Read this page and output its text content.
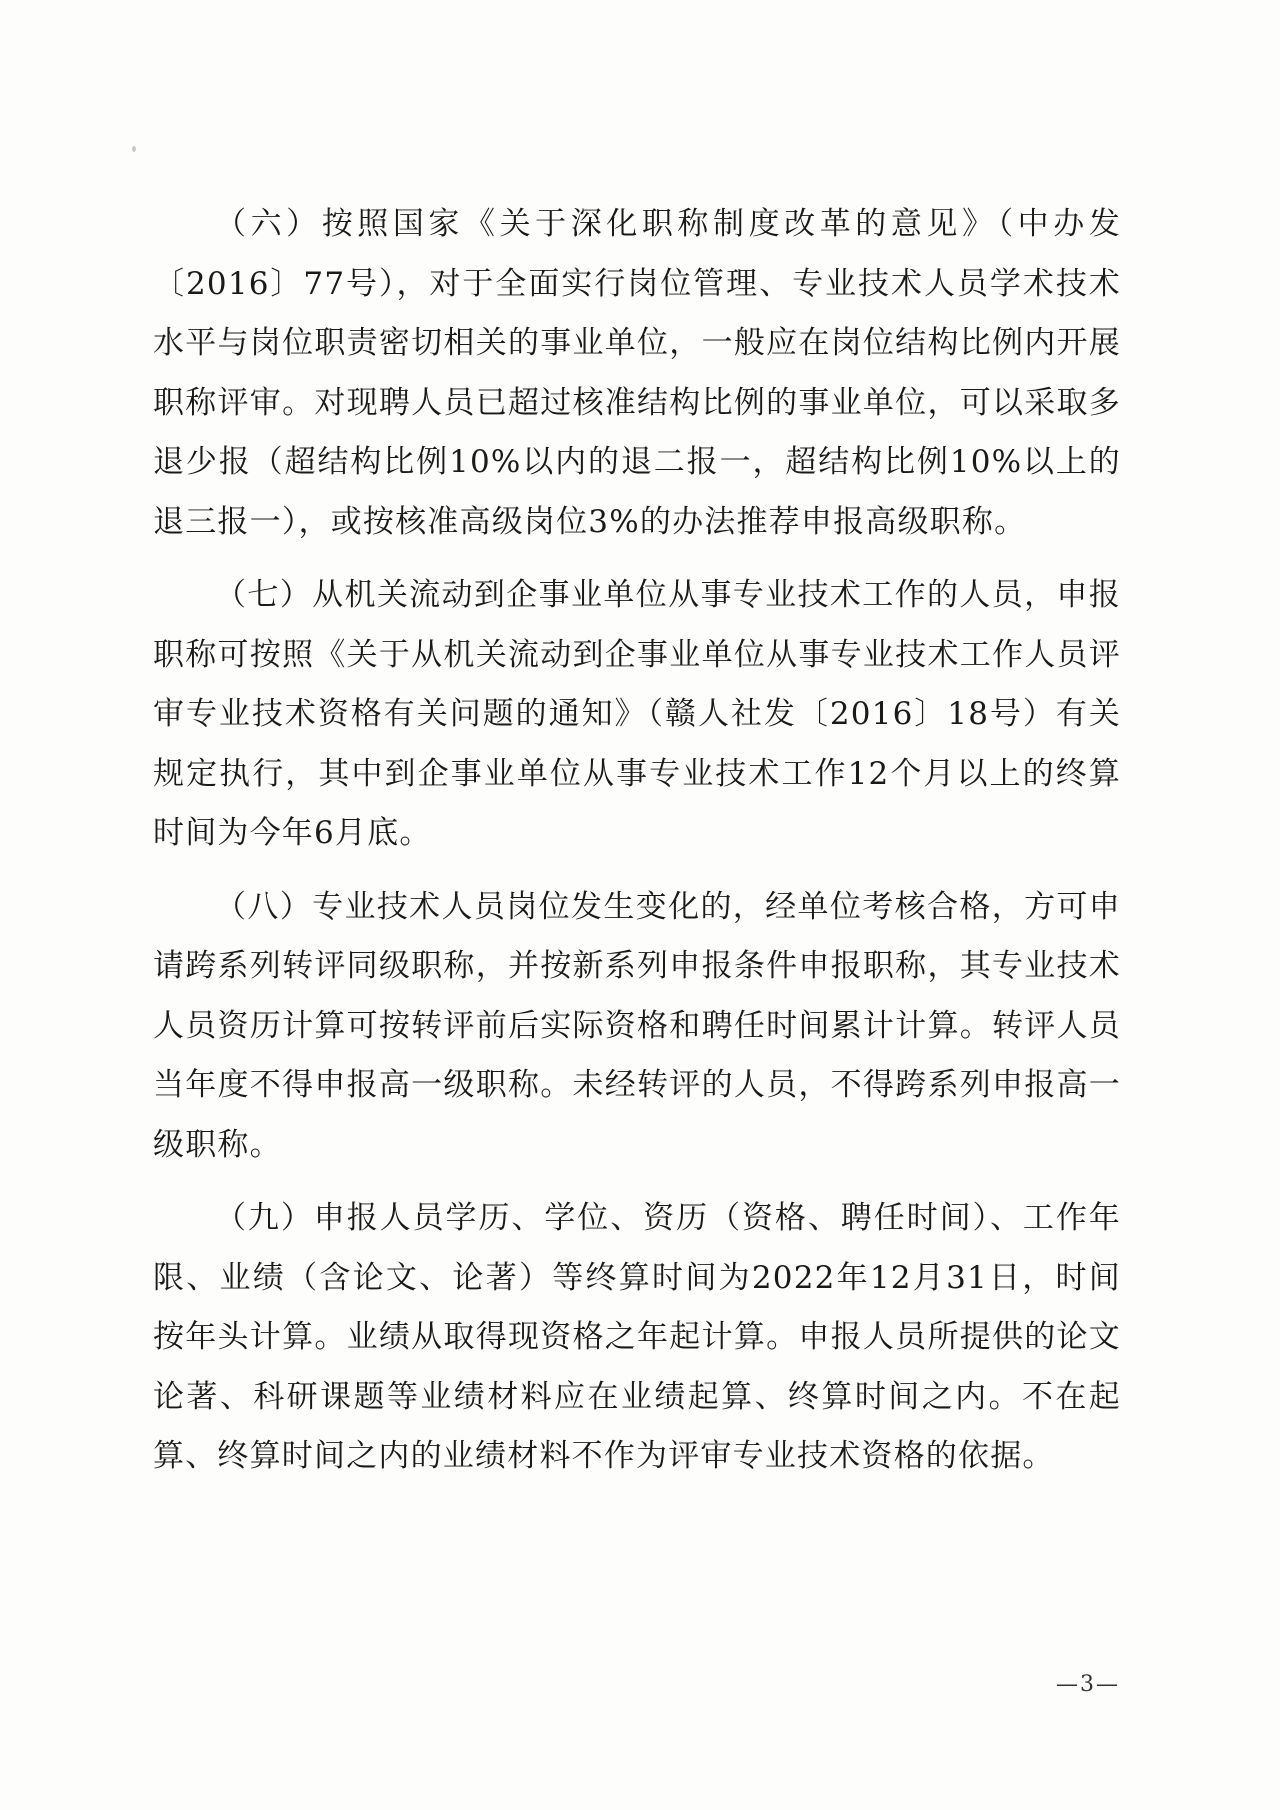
（六）按照国家《关于深化职称制度改革的意见》（中办发〔2016〕77号），对于全面实行岗位管理、专业技术人员学术技术水平与岗位职责密切相关的事业单位，一般应在岗位结构比例内开展职称评审。对现聘人员已超过核准结构比例的事业单位，可以采取多退少报（超结构比例10%以内的退二报一，超结构比例10%以上的退三报一），或按核准高级岗位3%的办法推荐申报高级职称。

（七）从机关流动到企事业单位从事专业技术工作的人员，申报职称可按照《关于从机关流动到企事业单位从事专业技术工作人员评审专业技术资格有关问题的通知》（赣人社发〔2016〕18号）有关规定执行，其中到企事业单位从事专业技术工作12个月以上的终算时间为今年6月底。

（八）专业技术人员岗位发生变化的，经单位考核合格，方可申请跨系列转评同级职称，并按新系列申报条件申报职称，其专业技术人员资历计算可按转评前后实际资格和聘任时间累计计算。转评人员当年度不得申报高一级职称。未经转评的人员，不得跨系列申报高一级职称。

（九）申报人员学历、学位、资历（资格、聘任时间）、工作年限、业绩（含论文、论著）等终算时间为2022年12月31日，时间按年头计算。业绩从取得现资格之年起计算。申报人员所提供的论文论著、科研课题等业绩材料应在业绩起算、终算时间之内。不在起算、终算时间之内的业绩材料不作为评审专业技术资格的依据。

—3—
